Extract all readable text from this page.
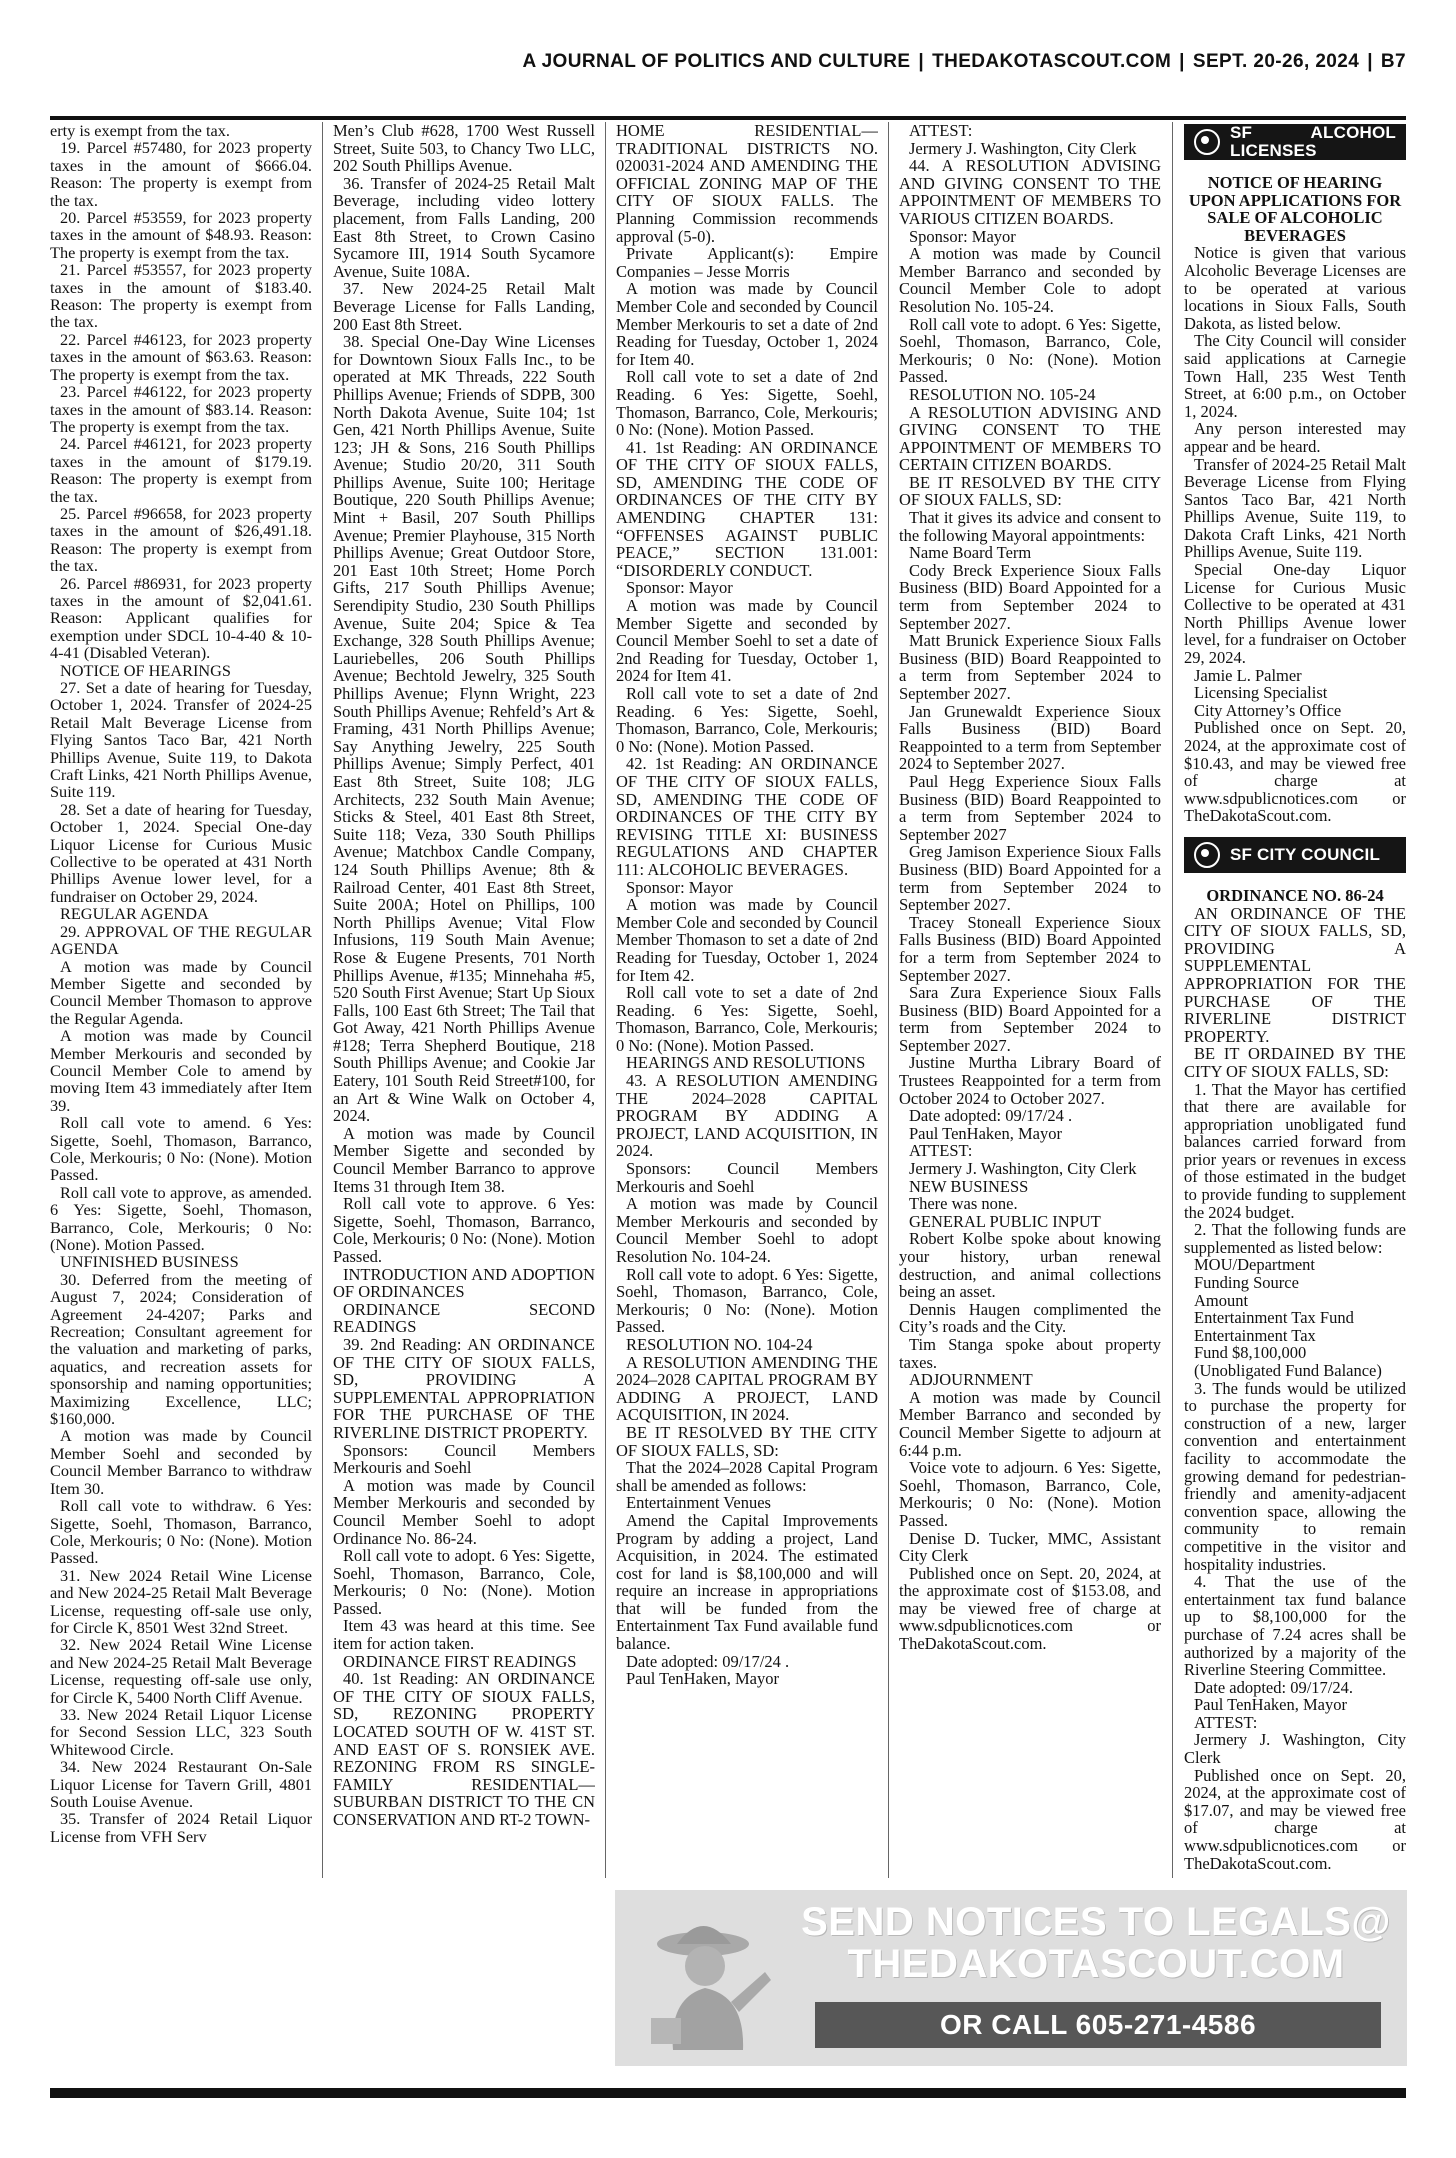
A JOURNAL OF POLITICS AND CULTURE | THEDAKOTASCOUT.COM | SEPT. 20-26, 2024 | B7

erty is exempt from the tax.

19. Parcel #57480, for 2023 property taxes in the amount of $666.04. Reason: The property is exempt from the tax.

20. Parcel #53559, for 2023 property taxes in the amount of $48.93. Reason: The property is exempt from the tax.

21. Parcel #53557, for 2023 property taxes in the amount of $183.40. Reason: The property is exempt from the tax.

22. Parcel #46123, for 2023 property taxes in the amount of $63.63. Reason: The property is exempt from the tax.

23. Parcel #46122, for 2023 property taxes in the amount of $83.14. Reason: The property is exempt from the tax.

24. Parcel #46121, for 2023 property taxes in the amount of $179.19. Reason: The property is exempt from the tax.

25. Parcel #96658, for 2023 property taxes in the amount of $26,491.18. Reason: The property is exempt from the tax.

26. Parcel #86931, for 2023 property taxes in the amount of $2,041.61. Reason: Applicant qualifies for exemption under SDCL 10-4-40 & 10-4-41 (Disabled Veteran).

NOTICE OF HEARINGS

27. Set a date of hearing for Tuesday, October 1, 2024. Transfer of 2024-25 Retail Malt Beverage License from Flying Santos Taco Bar, 421 North Phillips Avenue, Suite 119, to Dakota Craft Links, 421 North Phillips Avenue, Suite 119.

28. Set a date of hearing for Tuesday, October 1, 2024. Special One-day Liquor License for Curious Music Collective to be operated at 431 North Phillips Avenue lower level, for a fundraiser on October 29, 2024.

REGULAR AGENDA

29. APPROVAL OF THE REGULAR AGENDA

A motion was made by Council Member Sigette and seconded by Council Member Thomason to approve the Regular Agenda.

A motion was made by Council Member Merkouris and seconded by Council Member Cole to amend by moving Item 43 immediately after Item 39.

Roll call vote to amend. 6 Yes: Sigette, Soehl, Thomason, Barranco, Cole, Merkouris; 0 No: (None). Motion Passed.

Roll call vote to approve, as amended. 6 Yes: Sigette, Soehl, Thomason, Barranco, Cole, Merkouris; 0 No: (None). Motion Passed.

UNFINISHED BUSINESS

30. Deferred from the meeting of August 7, 2024; Consideration of Agreement 24-4207; Parks and Recreation; Consultant agreement for the valuation and marketing of parks, aquatics, and recreation assets for sponsorship and naming opportunities; Maximizing Excellence, LLC; $160,000.

A motion was made by Council Member Soehl and seconded by Council Member Barranco to withdraw Item 30.

Roll call vote to withdraw. 6 Yes: Sigette, Soehl, Thomason, Barranco, Cole, Merkouris; 0 No: (None). Motion Passed.

31. New 2024 Retail Wine License and New 2024-25 Retail Malt Beverage License, requesting off-sale use only, for Circle K, 8501 West 32nd Street.

32. New 2024 Retail Wine License and New 2024-25 Retail Malt Beverage License, requesting off-sale use only, for Circle K, 5400 North Cliff Avenue.

33. New 2024 Retail Liquor License for Second Session LLC, 323 South Whitewood Circle.

34. New 2024 Restaurant On-Sale Liquor License for Tavern Grill, 4801 South Louise Avenue.

35. Transfer of 2024 Retail Liquor License from VFH Serv

Men’s Club #628, 1700 West Russell Street, Suite 503, to Chancy Two LLC, 202 South Phillips Avenue.

36. Transfer of 2024-25 Retail Malt Beverage, including video lottery placement, from Falls Landing, 200 East 8th Street, to Crown Casino Sycamore III, 1914 South Sycamore Avenue, Suite 108A.

37. New 2024-25 Retail Malt Beverage License for Falls Landing, 200 East 8th Street.

38. Special One-Day Wine Licenses for Downtown Sioux Falls Inc., to be operated at MK Threads, 222 South Phillips Avenue; Friends of SDPB, 300 North Dakota Avenue, Suite 104; 1st Gen, 421 North Phillips Avenue, Suite 123; JH & Sons, 216 South Phillips Avenue; Studio 20/20, 311 South Phillips Avenue, Suite 100; Heritage Boutique, 220 South Phillips Avenue; Mint + Basil, 207 South Phillips Avenue; Premier Playhouse, 315 North Phillips Avenue; Great Outdoor Store, 201 East 10th Street; Home Porch Gifts, 217 South Phillips Avenue; Serendipity Studio, 230 South Phillips Avenue, Suite 204; Spice & Tea Exchange, 328 South Phillips Avenue; Lauriebelles, 206 South Phillips Avenue; Bechtold Jewelry, 325 South Phillips Avenue; Flynn Wright, 223 South Phillips Avenue; Rehfeld’s Art & Framing, 431 North Phillips Avenue; Say Anything Jewelry, 225 South Phillips Avenue; Simply Perfect, 401 East 8th Street, Suite 108; JLG Architects, 232 South Main Avenue; Sticks & Steel, 401 East 8th Street, Suite 118; Veza, 330 South Phillips Avenue; Matchbox Candle Company, 124 South Phillips Avenue; 8th & Railroad Center, 401 East 8th Street, Suite 200A; Hotel on Phillips, 100 North Phillips Avenue; Vital Flow Infusions, 119 South Main Avenue; Rose & Eugene Presents, 701 North Phillips Avenue, #135; Minnehaha #5, 520 South First Avenue; Start Up Sioux Falls, 100 East 6th Street; The Tail that Got Away, 421 North Phillips Avenue #128; Terra Shepherd Boutique, 218 South Phillips Avenue; and Cookie Jar Eatery, 101 South Reid Street#100, for an Art & Wine Walk on October 4, 2024.

A motion was made by Council Member Sigette and seconded by Council Member Barranco to approve Items 31 through Item 38.

Roll call vote to approve. 6 Yes: Sigette, Soehl, Thomason, Barranco, Cole, Merkouris; 0 No: (None). Motion Passed.

INTRODUCTION AND ADOPTION OF ORDINANCES

ORDINANCE SECOND READINGS

39. 2nd Reading: AN ORDINANCE OF THE CITY OF SIOUX FALLS, SD, PROVIDING A SUPPLEMENTAL APPROPRIATION FOR THE PURCHASE OF THE RIVERLINE DISTRICT PROPERTY.

Sponsors: Council Members Merkouris and Soehl

A motion was made by Council Member Merkouris and seconded by Council Member Soehl to adopt Ordinance No. 86-24.

Roll call vote to adopt. 6 Yes: Sigette, Soehl, Thomason, Barranco, Cole, Merkouris; 0 No: (None). Motion Passed.

Item 43 was heard at this time. See item for action taken.

ORDINANCE FIRST READINGS

40. 1st Reading: AN ORDINANCE OF THE CITY OF SIOUX FALLS, SD, REZONING PROPERTY LOCATED SOUTH OF W. 41ST ST. AND EAST OF S. RONSIEK AVE. REZONING FROM RS SINGLE-FAMILY RESIDENTIAL—SUBURBAN DISTRICT TO THE CN CONSERVATION AND RT-2 TOWN-

HOME RESIDENTIAL—TRADITIONAL DISTRICTS NO. 020031-2024 AND AMENDING THE OFFICIAL ZONING MAP OF THE CITY OF SIOUX FALLS. The Planning Commission recommends approval (5-0).

Private Applicant(s): Empire Companies – Jesse Morris

A motion was made by Council Member Cole and seconded by Council Member Merkouris to set a date of 2nd Reading for Tuesday, October 1, 2024 for Item 40.

Roll call vote to set a date of 2nd Reading. 6 Yes: Sigette, Soehl, Thomason, Barranco, Cole, Merkouris; 0 No: (None). Motion Passed.

41. 1st Reading: AN ORDINANCE OF THE CITY OF SIOUX FALLS, SD, AMENDING THE CODE OF ORDINANCES OF THE CITY BY AMENDING CHAPTER 131: “OFFENSES AGAINST PUBLIC PEACE,” SECTION 131.001: “DISORDERLY CONDUCT.

Sponsor: Mayor

A motion was made by Council Member Sigette and seconded by Council Member Soehl to set a date of 2nd Reading for Tuesday, October 1, 2024 for Item 41.

Roll call vote to set a date of 2nd Reading. 6 Yes: Sigette, Soehl, Thomason, Barranco, Cole, Merkouris; 0 No: (None). Motion Passed.

42. 1st Reading: AN ORDINANCE OF THE CITY OF SIOUX FALLS, SD, AMENDING THE CODE OF ORDINANCES OF THE CITY BY REVISING TITLE XI: BUSINESS REGULATIONS AND CHAPTER 111: ALCOHOLIC BEVERAGES.

Sponsor: Mayor

A motion was made by Council Member Cole and seconded by Council Member Thomason to set a date of 2nd Reading for Tuesday, October 1, 2024 for Item 42.

Roll call vote to set a date of 2nd Reading. 6 Yes: Sigette, Soehl, Thomason, Barranco, Cole, Merkouris; 0 No: (None). Motion Passed.

HEARINGS AND RESOLUTIONS

43. A RESOLUTION AMENDING THE 2024–2028 CAPITAL PROGRAM BY ADDING A PROJECT, LAND ACQUISITION, IN 2024.

Sponsors: Council Members Merkouris and Soehl

A motion was made by Council Member Merkouris and seconded by Council Member Soehl to adopt Resolution No. 104-24.

Roll call vote to adopt. 6 Yes: Sigette, Soehl, Thomason, Barranco, Cole, Merkouris; 0 No: (None). Motion Passed.

RESOLUTION NO. 104-24

A RESOLUTION AMENDING THE 2024–2028 CAPITAL PROGRAM BY ADDING A PROJECT, LAND ACQUISITION, IN 2024.

BE IT RESOLVED BY THE CITY OF SIOUX FALLS, SD:

That the 2024–2028 Capital Program shall be amended as follows:

Entertainment Venues

Amend the Capital Improvements Program by adding a project, Land Acquisition, in 2024. The estimated cost for land is $8,100,000 and will require an increase in appropriations that will be funded from the Entertainment Tax Fund available fund balance.

Date adopted: 09/17/24 .

Paul TenHaken, Mayor

ATTEST:

Jermery J. Washington, City Clerk

44. A RESOLUTION ADVISING AND GIVING CONSENT TO THE APPOINTMENT OF MEMBERS TO VARIOUS CITIZEN BOARDS.

Sponsor: Mayor

A motion was made by Council Member Barranco and seconded by Council Member Cole to adopt Resolution No. 105-24.

Roll call vote to adopt. 6 Yes: Sigette, Soehl, Thomason, Barranco, Cole, Merkouris; 0 No: (None). Motion Passed.

RESOLUTION NO. 105-24

A RESOLUTION ADVISING AND GIVING CONSENT TO THE APPOINTMENT OF MEMBERS TO CERTAIN CITIZEN BOARDS.

BE IT RESOLVED BY THE CITY OF SIOUX FALLS, SD:

That it gives its advice and consent to the following Mayoral appointments:

Name Board Term

Cody Breck Experience Sioux Falls Business (BID) Board Appointed for a term from September 2024 to September 2027.

Matt Brunick Experience Sioux Falls Business (BID) Board Reappointed to a term from September 2024 to September 2027.

Jan Grunewaldt Experience Sioux Falls Business (BID) Board Reappointed to a term from September 2024 to September 2027.

Paul Hegg Experience Sioux Falls Business (BID) Board Reappointed to a term from September 2024 to September 2027

Greg Jamison Experience Sioux Falls Business (BID) Board Appointed for a term from September 2024 to September 2027.

Tracey Stoneall Experience Sioux Falls Business (BID) Board Appointed for a term from September 2024 to September 2027.

Sara Zura Experience Sioux Falls Business (BID) Board Appointed for a term from September 2024 to September 2027.

Justine Murtha Library Board of Trustees Reappointed for a term from October 2024 to October 2027.

Date adopted: 09/17/24 .

Paul TenHaken, Mayor

ATTEST:

Jermery J. Washington, City Clerk

NEW BUSINESS

There was none.

GENERAL PUBLIC INPUT

Robert Kolbe spoke about knowing your history, urban renewal destruction, and animal collections being an asset.

Dennis Haugen complimented the City’s roads and the City.

Tim Stanga spoke about property taxes.

ADJOURNMENT

A motion was made by Council Member Barranco and seconded by Council Member Sigette to adjourn at 6:44 p.m.

Voice vote to adjourn. 6 Yes: Sigette, Soehl, Thomason, Barranco, Cole, Merkouris; 0 No: (None). Motion Passed.

Denise D. Tucker, MMC, Assistant City Clerk

Published once on Sept. 20, 2024, at the approximate cost of $153.08, and may be viewed free of charge at www.sdpublicnotices.com or TheDakotaScout.com.

SF ALCOHOL LICENSES

NOTICE OF HEARING UPON APPLICATIONS FOR SALE OF ALCOHOLIC BEVERAGES

Notice is given that various Alcoholic Beverage Licenses are to be operated at various locations in Sioux Falls, South Dakota, as listed below.

The City Council will consider said applications at Carnegie Town Hall, 235 West Tenth Street, at 6:00 p.m., on October 1, 2024.

Any person interested may appear and be heard.

Transfer of 2024-25 Retail Malt Beverage License from Flying Santos Taco Bar, 421 North Phillips Avenue, Suite 119, to Dakota Craft Links, 421 North Phillips Avenue, Suite 119.

Special One-day Liquor License for Curious Music Collective to be operated at 431 North Phillips Avenue lower level, for a fundraiser on October 29, 2024.

Jamie L. Palmer

Licensing Specialist

City Attorney’s Office

Published once on Sept. 20, 2024, at the approximate cost of $10.43, and may be viewed free of charge at www.sdpublicnotices.com or TheDakotaScout.com.

SF CITY COUNCIL

ORDINANCE NO. 86-24

AN ORDINANCE OF THE CITY OF SIOUX FALLS, SD, PROVIDING A SUPPLEMENTAL APPROPRIATION FOR THE PURCHASE OF THE RIVERLINE DISTRICT PROPERTY.

BE IT ORDAINED BY THE CITY OF SIOUX FALLS, SD:

1. That the Mayor has certified that there are available for appropriation unobligated fund balances carried forward from prior years or revenues in excess of those estimated in the budget to provide funding to supplement the 2024 budget.

2. That the following funds are supplemented as listed below:

MOU/Department

Funding Source

Amount

Entertainment Tax Fund

Entertainment Tax

Fund $8,100,000

(Unobligated Fund Balance)

3. The funds would be utilized to purchase the property for construction of a new, larger convention and entertainment facility to accommodate the growing demand for pedestrian-friendly and amenity-adjacent convention space, allowing the community to remain competitive in the visitor and hospitality industries.

4. That the use of the entertainment tax fund balance up to $8,100,000 for the purchase of 7.24 acres shall be authorized by a majority of the Riverline Steering Committee.

Date adopted: 09/17/24.

Paul TenHaken, Mayor

ATTEST:

Jermery J. Washington, City Clerk

Published once on Sept. 20, 2024, at the approximate cost of $17.07, and may be viewed free of charge at www.sdpublicnotices.com or TheDakotaScout.com.

SEND NOTICES TO LEGALS@
THEDAKOTASCOUT.COM
OR CALL 605-271-4586
